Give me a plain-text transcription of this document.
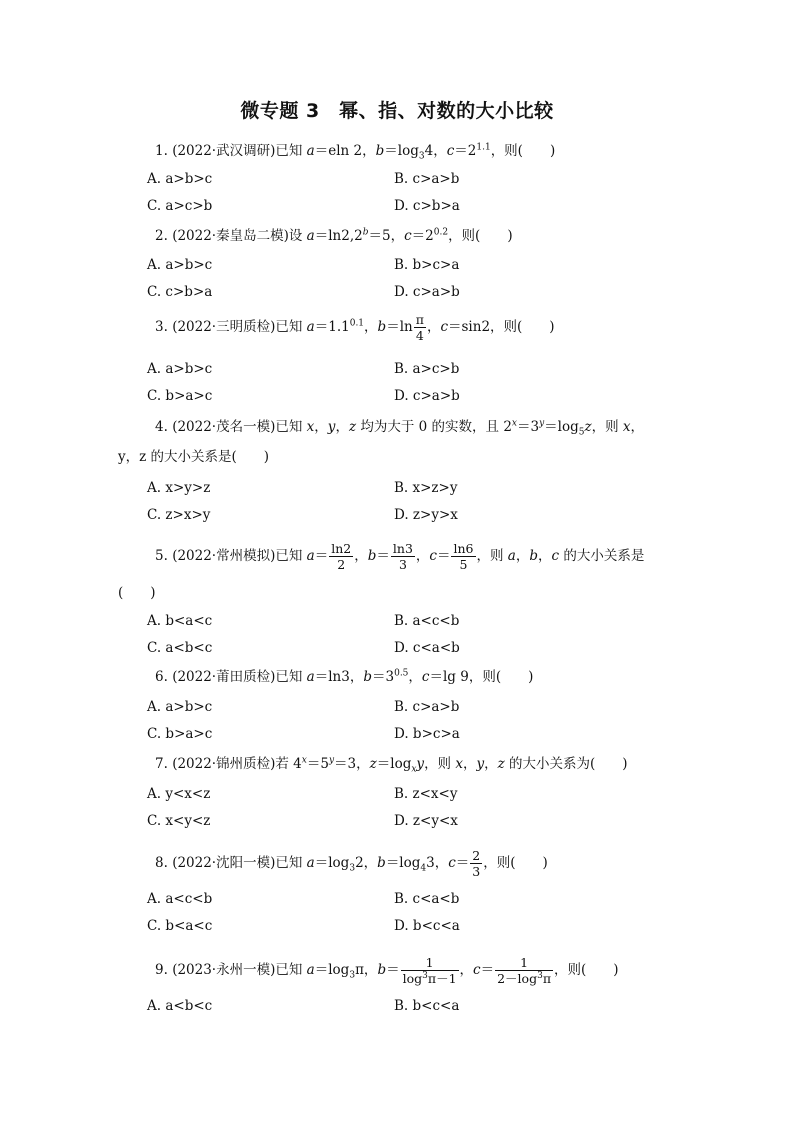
微专题 3　幂、指、对数的大小比较
1. (2022·武汉调研)已知 a＝eln 2，$b=\log_34$，$c=2^{1.1}$，则(　　)
A. a>b>c	B. c>a>b
C. a>c>b	D. c>b>a
2. (2022·秦皇岛二模)设 a＝ln2,2$^b$＝5，$c=2^{0.2}$，则(　　)
A. a>b>c	B. b>c>a
C. c>b>a	D. c>a>b
3. (2022·三明质检)已知 $a=1.1^{0.1}$，$b=\ln \frac{\pi}{4}$ ，c＝sin2，则(　　)
A. a>b>c	B. a>c>b
C. b>a>c	D. c>a>b
4. (2022·茂名一模)已知 x，y，z 均为大于 0 的实数，且 $2^x=3^y=\log_5z$，则 x，
y，z 的大小关系是(　　)
A. x>y>z	B. x>z>y
C. z>x>y	D. z>y>x
5. (2022·常州模拟)已知 $a= \frac{\ln 2}{2}$ ，$b= \frac{\ln 3}{3}$ ，$c= \frac{\ln 6}{5}$ ，则 a，b，c 的大小关系是
(　　)
A. b<a<c	B. a<c<b
C. a<b<c	D. c<a<b
6. (2022·莆田质检)已知 a＝ln3，$b=3^{0.5}$，c＝lg 9，则(　　)
A. a>b>c	B. c>a>b
C. b>a>c	D. b>c>a
7. (2022·锦州质检)若 $4^x=5^y=3$，$z=\log_xy$，则 x，y，z 的大小关系为(　　)
A. y<x<z	B. z<x<y
C. x<y<z	D. z<y<x
8. (2022·沈阳一模)已知 $a=\log_32$，$b=\log_43$，$c= \frac{2}{3}$ ，则(　　)
A. a<c<b	B. c<a<b
C. b<a<c	D. b<c<a
9. (2023·永州一模)已知 $a=\log_3\pi$，$b= \frac{1}{\log^3\pi-1}$ ，$c= \frac{1}{2-\log^3\pi}$ ，则(　　)
A. a<b<c	B. b<c<a
